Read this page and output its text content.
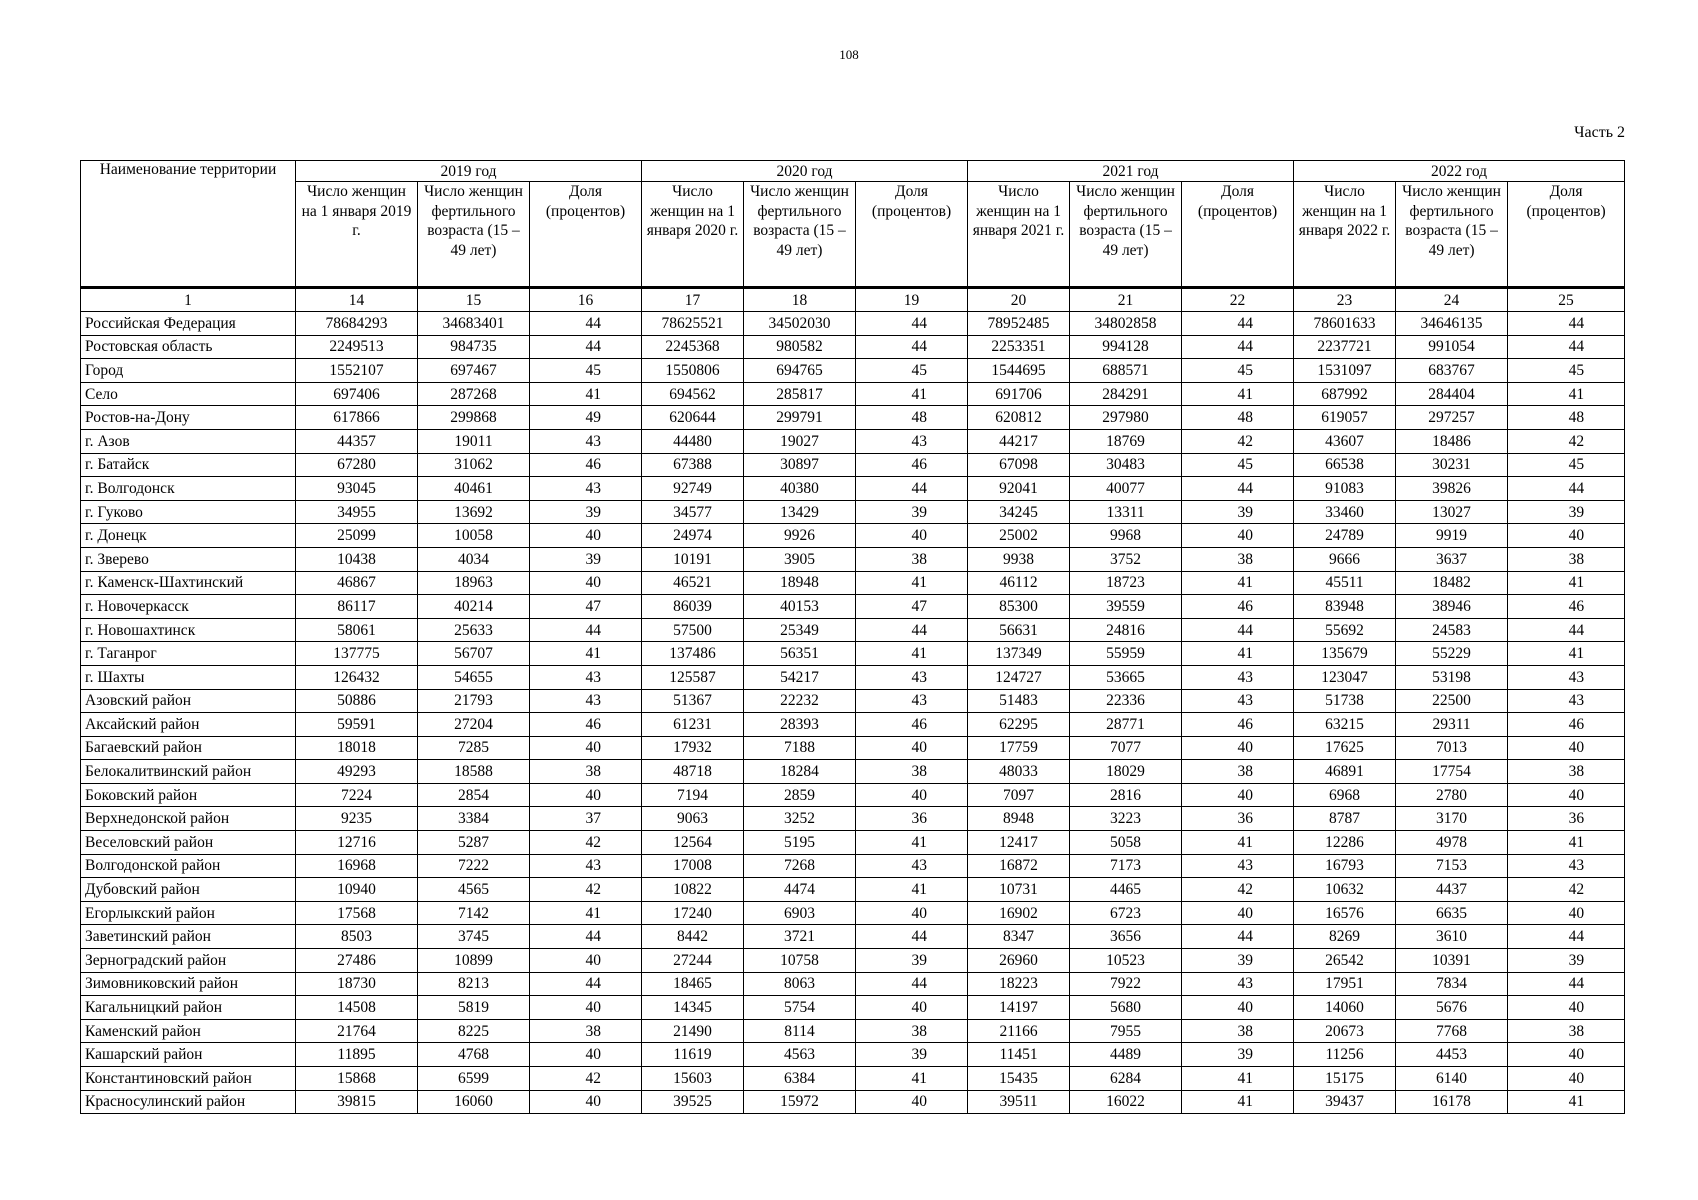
108
Часть 2
Наименование территории	2019 год			2020 год			2021 год			2022 год		
	Число женщин на 1 января 2019 г.	Число женщин фертильного возраста (15 – 49 лет)	Доля (процентов)	Число женщин на 1 января 2020 г.	Число женщин фертильного возраста (15 – 49 лет)	Доля (процентов)	Число женщин на 1 января 2021 г.	Число женщин фертильного возраста (15 – 49 лет)	Доля (процентов)	Число женщин на 1 января 2022 г.	Число женщин фертильного возраста (15 – 49 лет)	Доля (процентов)
1	14	15	16	17	18	19	20	21	22	23	24	25
Российская Федерация	78684293	34683401	44	78625521	34502030	44	78952485	34802858	44	78601633	34646135	44
Ростовская область	2249513	984735	44	2245368	980582	44	2253351	994128	44	2237721	991054	44
Город	1552107	697467	45	1550806	694765	45	1544695	688571	45	1531097	683767	45
Село	697406	287268	41	694562	285817	41	691706	284291	41	687992	284404	41
Ростов-на-Дону	617866	299868	49	620644	299791	48	620812	297980	48	619057	297257	48
г. Азов	44357	19011	43	44480	19027	43	44217	18769	42	43607	18486	42
г. Батайск	67280	31062	46	67388	30897	46	67098	30483	45	66538	30231	45
г. Волгодонск	93045	40461	43	92749	40380	44	92041	40077	44	91083	39826	44
г. Гуково	34955	13692	39	34577	13429	39	34245	13311	39	33460	13027	39
г. Донецк	25099	10058	40	24974	9926	40	25002	9968	40	24789	9919	40
г. Зверево	10438	4034	39	10191	3905	38	9938	3752	38	9666	3637	38
г. Каменск-Шахтинский	46867	18963	40	46521	18948	41	46112	18723	41	45511	18482	41
г. Новочеркасск	86117	40214	47	86039	40153	47	85300	39559	46	83948	38946	46
г. Новошахтинск	58061	25633	44	57500	25349	44	56631	24816	44	55692	24583	44
г. Таганрог	137775	56707	41	137486	56351	41	137349	55959	41	135679	55229	41
г. Шахты	126432	54655	43	125587	54217	43	124727	53665	43	123047	53198	43
Азовский район	50886	21793	43	51367	22232	43	51483	22336	43	51738	22500	43
Аксайский район	59591	27204	46	61231	28393	46	62295	28771	46	63215	29311	46
Багаевский район	18018	7285	40	17932	7188	40	17759	7077	40	17625	7013	40
Белокалитвинский район	49293	18588	38	48718	18284	38	48033	18029	38	46891	17754	38
Боковский район	7224	2854	40	7194	2859	40	7097	2816	40	6968	2780	40
Верхнедонской район	9235	3384	37	9063	3252	36	8948	3223	36	8787	3170	36
Веселовский район	12716	5287	42	12564	5195	41	12417	5058	41	12286	4978	41
Волгодонской район	16968	7222	43	17008	7268	43	16872	7173	43	16793	7153	43
Дубовский район	10940	4565	42	10822	4474	41	10731	4465	42	10632	4437	42
Егорлыкский район	17568	7142	41	17240	6903	40	16902	6723	40	16576	6635	40
Заветинский район	8503	3745	44	8442	3721	44	8347	3656	44	8269	3610	44
Зерноградский район	27486	10899	40	27244	10758	39	26960	10523	39	26542	10391	39
Зимовниковский район	18730	8213	44	18465	8063	44	18223	7922	43	17951	7834	44
Кагальницкий район	14508	5819	40	14345	5754	40	14197	5680	40	14060	5676	40
Каменский район	21764	8225	38	21490	8114	38	21166	7955	38	20673	7768	38
Кашарский район	11895	4768	40	11619	4563	39	11451	4489	39	11256	4453	40
Константиновский район	15868	6599	42	15603	6384	41	15435	6284	41	15175	6140	40
Красносулинский район	39815	16060	40	39525	15972	40	39511	16022	41	39437	16178	41
